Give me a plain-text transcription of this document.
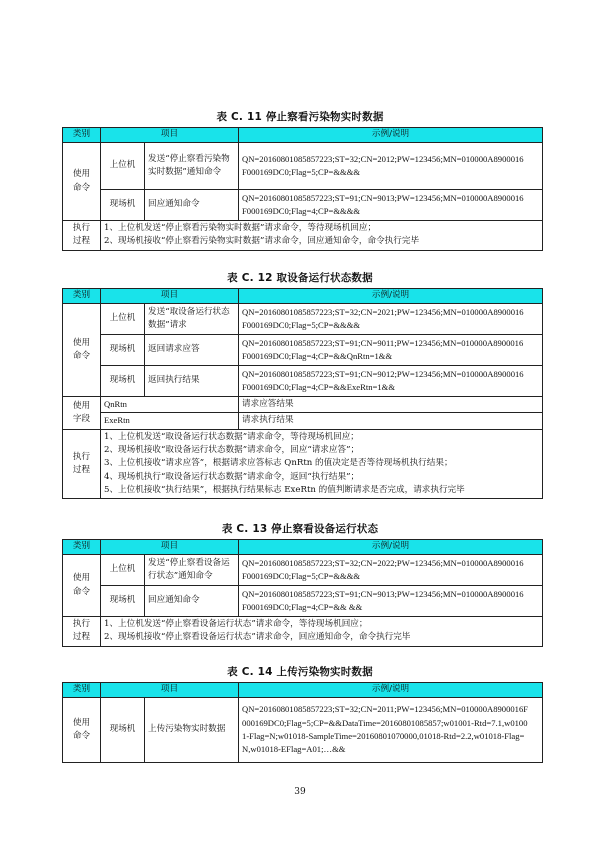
表 C. 11 停止察看污染物实时数据
类别	项目		示例/说明

使用
命令	上位机	发送“停止察看污染物实时数据”通知命令	QN=20160801085857223;ST=32;CN=2012;PW=123456;MN=010000A8900016
F000169DC0;Flag=5;CP=&&&&

	现场机	回应通知命令	QN=20160801085857223;ST=91;CN=9013;PW=123456;MN=010000A8900016
F000169DC0;Flag=4;CP=&&&&

执行
过程	1、上位机发送“停止察看污染物实时数据”请求命令，等待现场机回应；
2、现场机接收“停止察看污染物实时数据”请求命令，回应通知命令，命令执行完毕		
表 C. 12 取设备运行状态数据
类别	项目		示例/说明

使用
命令	上位机	发送“取设备运行状态数据”请求	QN=20160801085857223;ST=32;CN=2021;PW=123456;MN=010000A8900016
F000169DC0;Flag=5;CP=&&&&

	现场机	返回请求应答	QN=20160801085857223;ST=91;CN=9011;PW=123456;MN=010000A8900016
F000169DC0;Flag=4;CP=&&QnRtn=1&&

	现场机	返回执行结果	QN=20160801085857223;ST=91;CN=9012;PW=123456;MN=010000A8900016
F000169DC0;Flag=4;CP=&&ExeRtn=1&&

使用
字段	QnRtn		请求应答结果
	ExeRtn		请求执行结果

执行
过程	1、上位机发送“取设备运行状态数据”请求命令，等待现场机回应；
2、现场机接收“取设备运行状态数据”请求命令，回应“请求应答”；
3、上位机接收“请求应答”，根据请求应答标志 QnRtn 的值决定是否等待现场机执行结果；
4、现场机执行“取设备运行状态数据”请求命令，返回“执行结果”；
5、上位机接收“执行结果”，根据执行结果标志 ExeRtn 的值判断请求是否完成，请求执行完毕		
表 C. 13 停止察看设备运行状态
类别	项目		示例/说明

使用
命令	上位机	发送“停止察看设备运行状态”通知命令	QN=20160801085857223;ST=32;CN=2022;PW=123456;MN=010000A8900016
F000169DC0;Flag=5;CP=&&&&

	现场机	回应通知命令	QN=20160801085857223;ST=91;CN=9013;PW=123456;MN=010000A8900016
F000169DC0;Flag=4;CP=&& &&

执行
过程	1、上位机发送“停止察看设备运行状态”请求命令，等待现场机回应；
2、现场机接收“停止察看设备运行状态”请求命令，回应通知命令，命令执行完毕		
表 C. 14 上传污染物实时数据
类别	项目		示例/说明

使用
命令	现场机	上传污染物实时数据	QN=20160801085857223;ST=32;CN=2011;PW=123456;MN=010000A8900016F
000169DC0;Flag=5;CP=&&DataTime=20160801085857;w01001-Rtd=7.1,w0100
1-Flag=N;w01018-SampleTime=20160801070000,01018-Rtd=2.2,w01018-Flag=
N,w01018-EFlag=A01;…&&
39
